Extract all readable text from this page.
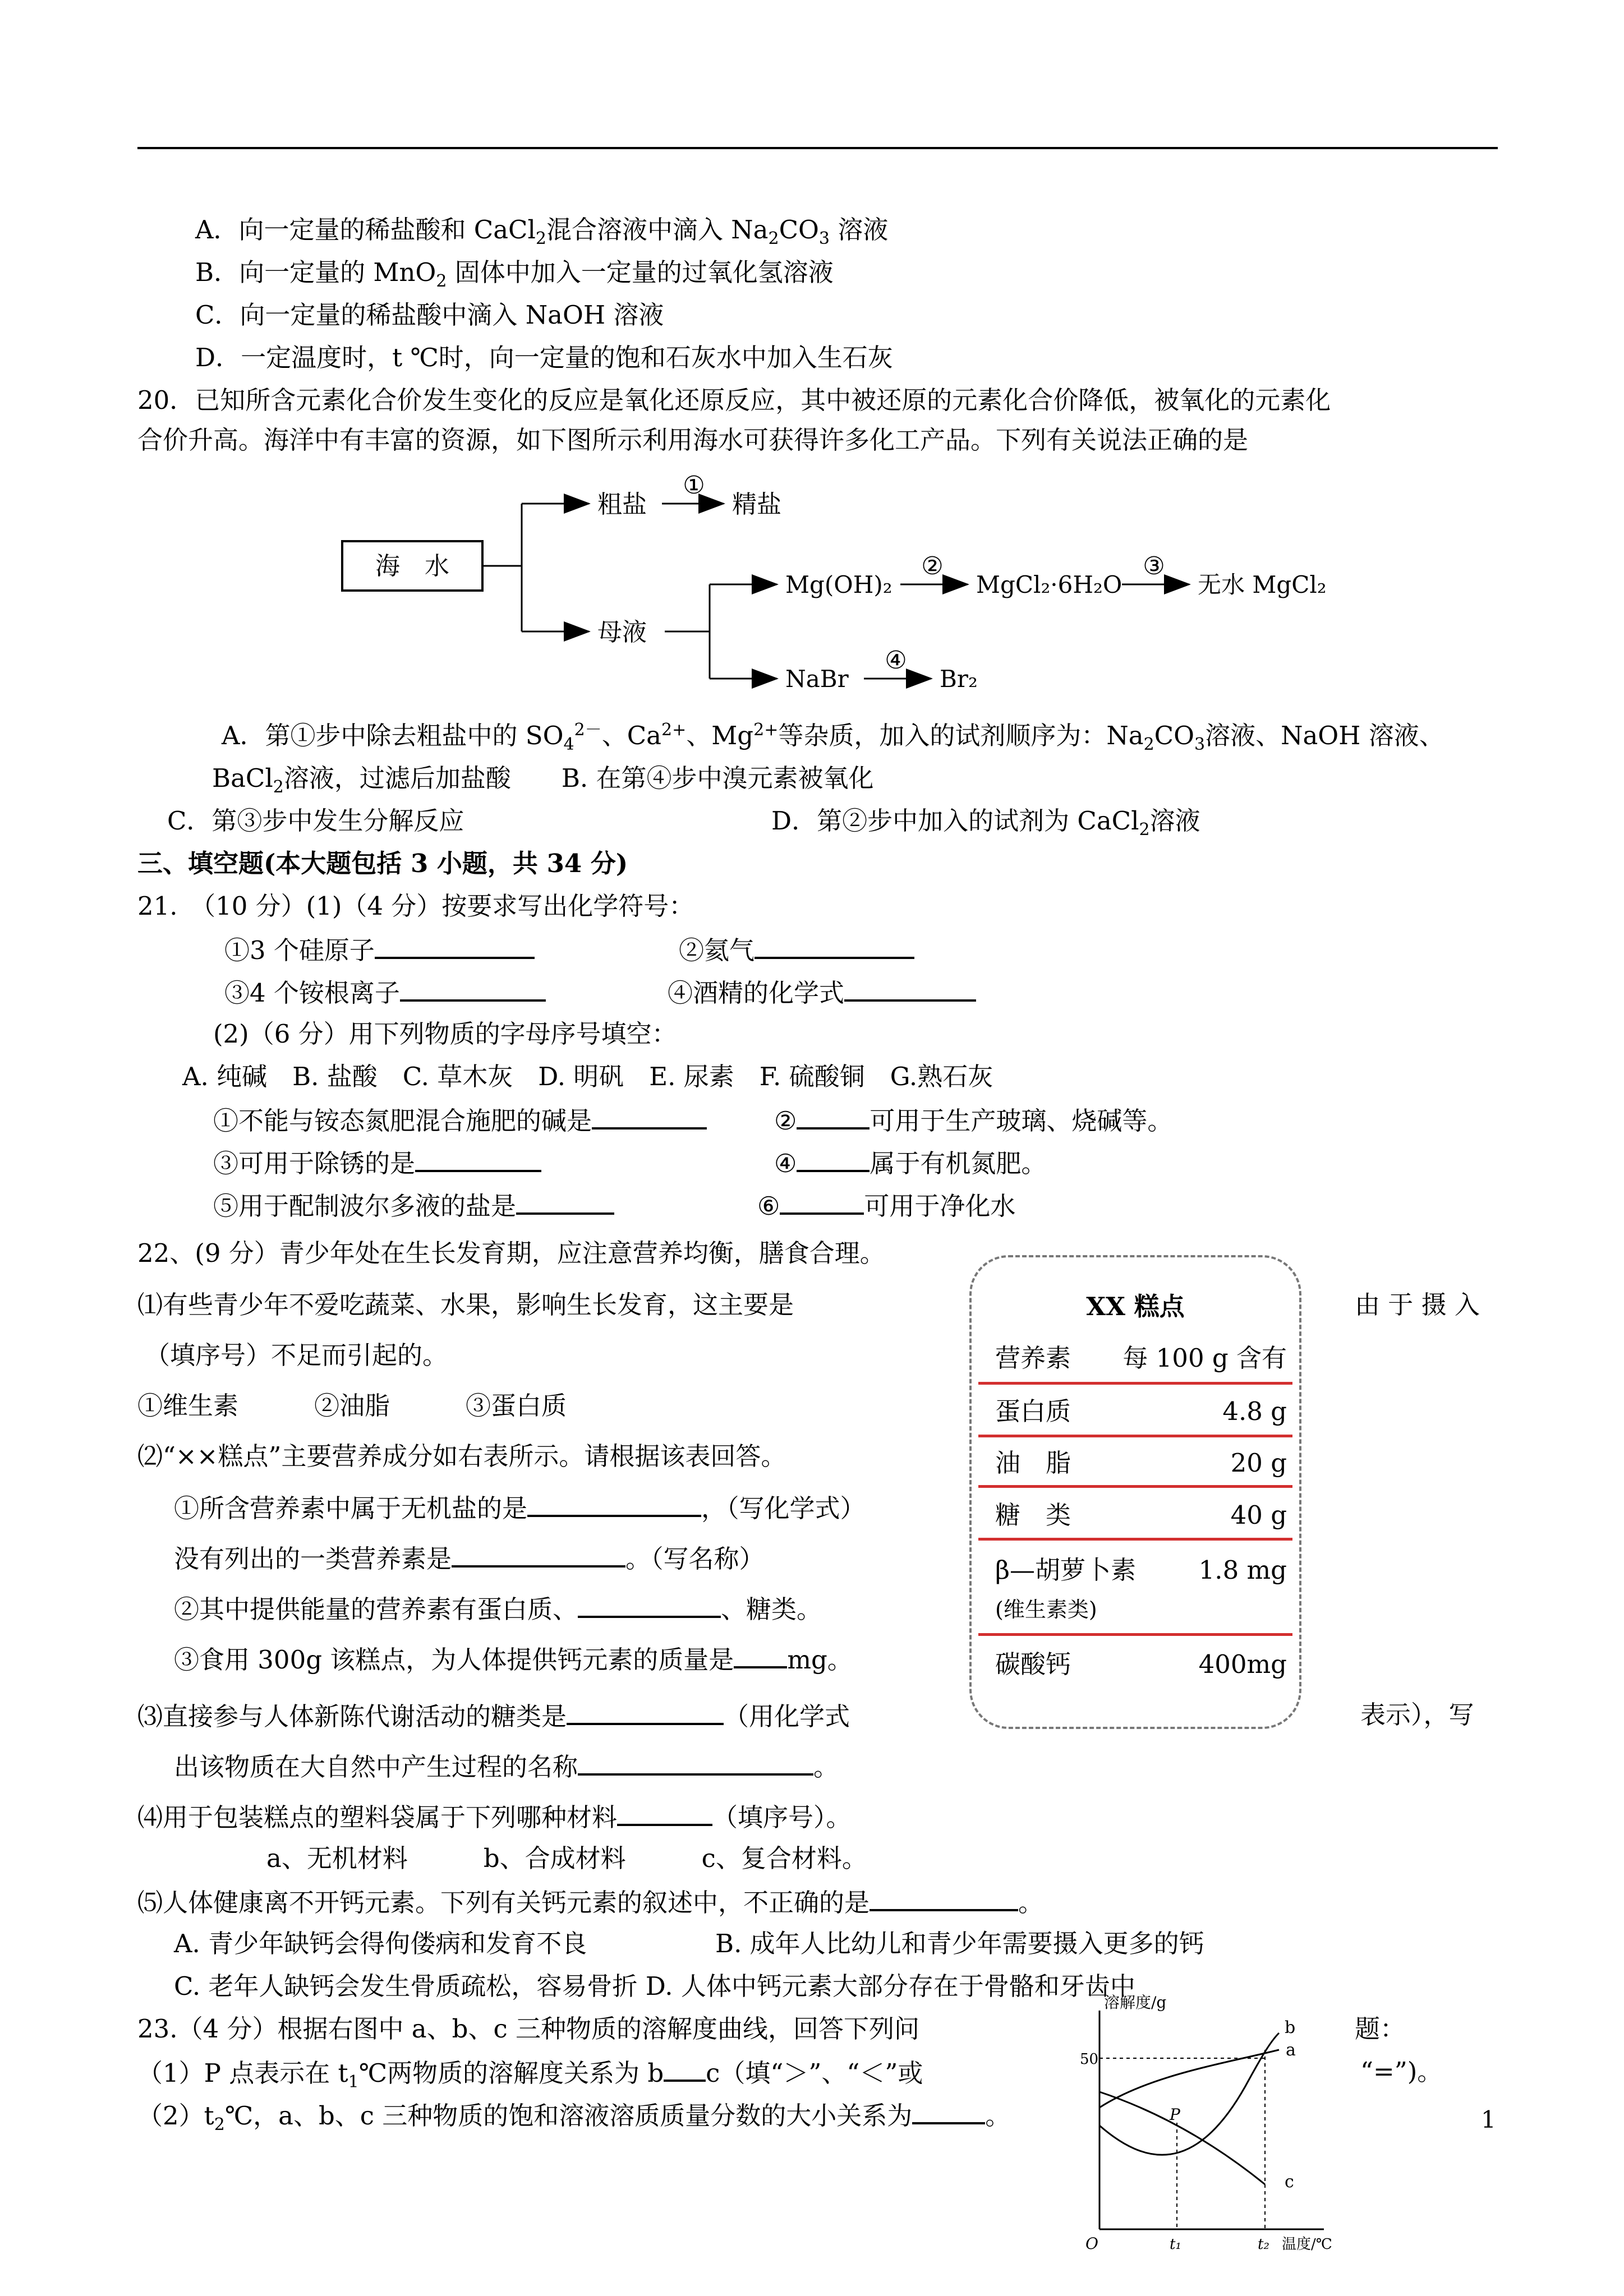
A．向一定量的稀盐酸和 CaCl$_2$混合溶液中滴入 $Na_2CO_3$ 溶液
B．向一定量的 MnO$_2$ 固体中加入一定量的过氧化氢溶液
C．向一定量的稀盐酸中滴入 NaOH 溶液
D．一定温度时，t ℃时，向一定量的饱和石灰水中加入生石灰
20．已知所含元素化合价发生变化的反应是氧化还原反应，其中被还原的元素化合价降低，被氧化的元素化
合价升高。海洋中有丰富的资源，如下图所示利用海水可获得许多化工产品。下列有关说法正确的是
海　水
粗盐
母液
①
精盐
Mg(OH)₂
②
MgCl₂·6H₂O
③
无水 MgCl₂
NaBr
④
Br₂
A．第①步中除去粗盐中的 $SO_4^{2-}$、$Ca^{2+}$、$Mg^{2+}$等杂质，加入的试剂顺序为：$Na_2CO_3$溶液、NaOH 溶液、
BaCl$_2$溶液，过滤后加盐酸　　B. 在第④步中溴元素被氧化
C．第③步中发生分解反应	D．第②步中加入的试剂为 CaCl$_2$溶液
三、填空题(本大题包括 3 小题，共 34 分)
21.　（10 分）(1)（4 分）按要求写出化学符号：
①3 个硅原子	②氦气
③4 个铵根离子	④酒精的化学式
(2)（6 分）用下列物质的字母序号填空：
A. 纯碱　B. 盐酸　C. 草木灰　D. 明矾　E. 尿素　F. 硫酸铜　G.熟石灰
①不能与铵态氮肥混合施肥的碱是	②	可用于生产玻璃、烧碱等。
③可用于除锈的是	④	属于有机氮肥。
⑤用于配制波尔多液的盐是	⑥	可用于净化水
22、(9 分）青少年处在生长发育期，应注意营养均衡，膳食合理。
⑴有些青少年不爱吃蔬菜、水果，影响生长发育，这主要是	由 于 摄 入
（填序号）不足而引起的。
①维生素　　　②油脂　　　③蛋白质
⑵“××糕点”主要营养成分如右表所示。请根据该表回答。
①所含营养素中属于无机盐的是	，（写化学式）
没有列出的一类营养素是	。（写名称）
②其中提供能量的营养素有蛋白质、	、糖类。
③食用 300g 该糕点，为人体提供钙元素的质量是 mg。
⑶直接参与人体新陈代谢活动的糖类是	（用化学式	表示），写
出该物质在大自然中产生过程的名称	。
⑷用于包装糕点的塑料袋属于下列哪种材料	（填序号）。
a、无机材料　　　b、合成材料　　　c、复合材料。
⑸人体健康离不开钙元素。下列有关钙元素的叙述中，不正确的是	。
A. 青少年缺钙会得佝偻病和发育不良	B. 成年人比幼儿和青少年需要摄入更多的钙
C. 老年人缺钙会发生骨质疏松，容易骨折 D. 人体中钙元素大部分存在于骨骼和牙齿中
XX 糕点
营养素 每 100 g 含有
蛋白质	4.8 g
油　脂	20 g
糖　类	40 g
β—胡萝卜素 1.8 mg
(维生素类)
碳酸钙	400mg
23.（4 分）根据右图中 a、b、c 三种物质的溶解度曲线，回答下列问	题：
（1）P 点表示在 $t_1℃$两物质的溶解度关系为 b c（填“＞”、“＜”或	“=”)。
$(2)t_2℃$，a、b、c 三种物质的饱和溶液溶质质量分数的大小关系为	。
溶解度/g
50
P
a
b
c
O	t₁	t₂ 温度/℃
1
